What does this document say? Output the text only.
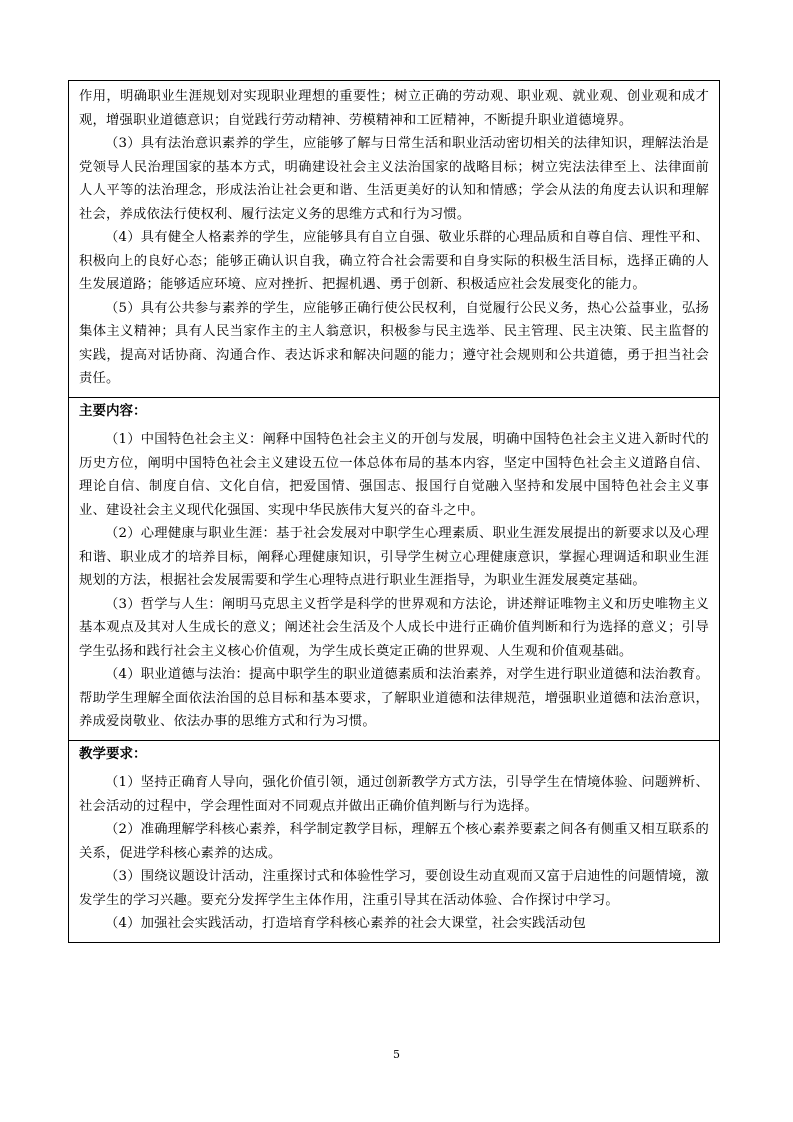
作用，明确职业生涯规划对实现职业理想的重要性；树立正确的劳动观、职业观、就业观、创业观和成才观，增强职业道德意识；自觉践行劳动精神、劳模精神和工匠精神，不断提升职业道德境界。

（3）具有法治意识素养的学生，应能够了解与日常生活和职业活动密切相关的法律知识，理解法治是党领导人民治理国家的基本方式，明确建设社会主义法治国家的战略目标；树立宪法法律至上、法律面前人人平等的法治理念，形成法治让社会更和谐、生活更美好的认知和情感；学会从法的角度去认识和理解社会，养成依法行使权利、履行法定义务的思维方式和行为习惯。

（4）具有健全人格素养的学生，应能够具有自立自强、敬业乐群的心理品质和自尊自信、理性平和、积极向上的良好心态；能够正确认识自我，确立符合社会需要和自身实际的积极生活目标，选择正确的人生发展道路；能够适应环境、应对挫折、把握机遇、勇于创新、积极适应社会发展变化的能力。

（5）具有公共参与素养的学生，应能够正确行使公民权利，自觉履行公民义务，热心公益事业，弘扬集体主义精神；具有人民当家作主的主人翁意识，积极参与民主选举、民主管理、民主决策、民主监督的实践，提高对话协商、沟通合作、表达诉求和解决问题的能力；遵守社会规则和公共道德，勇于担当社会责任。

主要内容：

（1）中国特色社会主义：阐释中国特色社会主义的开创与发展，明确中国特色社会主义进入新时代的历史方位，阐明中国特色社会主义建设五位一体总体布局的基本内容，坚定中国特色社会主义道路自信、理论自信、制度自信、文化自信，把爱国情、强国志、报国行自觉融入坚持和发展中国特色社会主义事业、建设社会主义现代化强国、实现中华民族伟大复兴的奋斗之中。

（2）心理健康与职业生涯：基于社会发展对中职学生心理素质、职业生涯发展提出的新要求以及心理和谐、职业成才的培养目标，阐释心理健康知识，引导学生树立心理健康意识，掌握心理调适和职业生涯规划的方法，根据社会发展需要和学生心理特点进行职业生涯指导，为职业生涯发展奠定基础。

（3）哲学与人生：阐明马克思主义哲学是科学的世界观和方法论，讲述辩证唯物主义和历史唯物主义基本观点及其对人生成长的意义；阐述社会生活及个人成长中进行正确价值判断和行为选择的意义；引导学生弘扬和践行社会主义核心价值观，为学生成长奠定正确的世界观、人生观和价值观基础。

（4）职业道德与法治：提高中职学生的职业道德素质和法治素养，对学生进行职业道德和法治教育。帮助学生理解全面依法治国的总目标和基本要求，了解职业道德和法律规范，增强职业道德和法治意识，养成爱岗敬业、依法办事的思维方式和行为习惯。

教学要求：

（1）坚持正确育人导向，强化价值引领，通过创新教学方式方法，引导学生在情境体验、问题辨析、社会活动的过程中，学会理性面对不同观点并做出正确价值判断与行为选择。

（2）准确理解学科核心素养，科学制定教学目标，理解五个核心素养要素之间各有侧重又相互联系的关系，促进学科核心素养的达成。

（3）围绕议题设计活动，注重探讨式和体验性学习，要创设生动直观而又富于启迪性的问题情境，激发学生的学习兴趣。要充分发挥学生主体作用，注重引导其在活动体验、合作探讨中学习。

（4）加强社会实践活动，打造培育学科核心素养的社会大课堂，社会实践活动包

5
